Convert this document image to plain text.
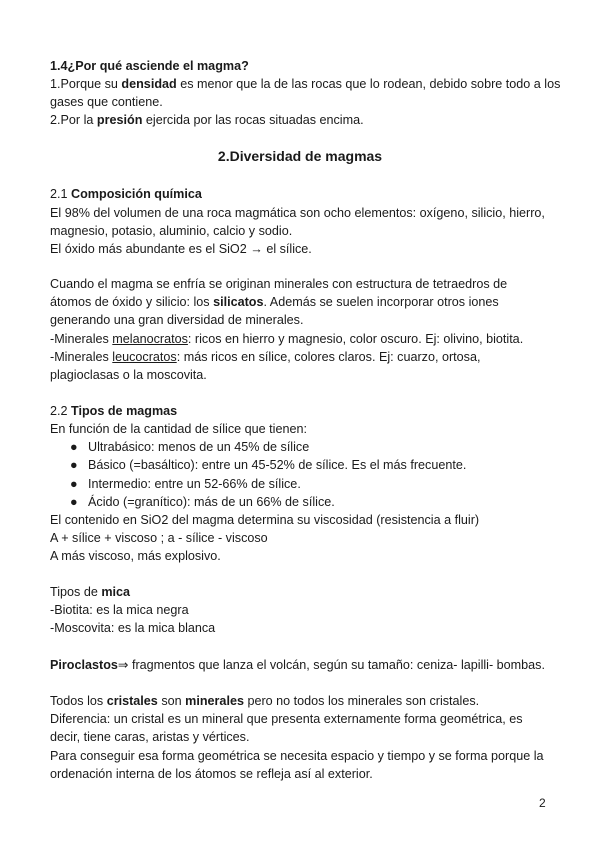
1.4¿Por qué asciende el magma?
1.Porque su densidad es menor que la de las rocas que lo rodean, debido sobre todo a los
gases que contiene.
2.Por la presión ejercida por las rocas situadas encima.
2.Diversidad de magmas
2.1 Composición química
El 98% del volumen de una roca magmática son ocho elementos: oxígeno, silicio, hierro,
magnesio, potasio, aluminio, calcio y sodio.
El óxido más abundante es el SiO2 → el sílice.
Cuando el magma se enfría se originan minerales con estructura de tetraedros de
átomos de óxido y silicio: los silicatos. Además se suelen incorporar otros iones
generando una gran diversidad de minerales.
-Minerales melanocratos: ricos en hierro y magnesio, color oscuro. Ej: olivino, biotita.
-Minerales leucocratos: más ricos en sílice, colores claros. Ej: cuarzo, ortosa,
plagioclasas o la moscovita.
2.2 Tipos de magmas
En función de la cantidad de sílice que tienen:
● Ultrabásico: menos de un 45% de sílice
● Básico (=basáltico): entre un 45-52% de sílice. Es el más frecuente.
● Intermedio: entre un 52-66% de sílice.
● Ácido (=granítico): más de un 66% de sílice.
El contenido en SiO2 del magma determina su viscosidad (resistencia a fluir)
A + sílice + viscoso ; a - sílice - viscoso
A más viscoso, más explosivo.
Tipos de mica
-Biotita: es la mica negra
-Moscovita: es la mica blanca
Piroclastos⇒ fragmentos que lanza el volcán, según su tamaño: ceniza- lapilli- bombas.
Todos los cristales son minerales pero no todos los minerales son cristales.
Diferencia: un cristal es un mineral que presenta externamente forma geométrica, es
decir, tiene caras, aristas y vértices.
Para conseguir esa forma geométrica se necesita espacio y tiempo y se forma porque la
ordenación interna de los átomos se refleja así al exterior.
2
